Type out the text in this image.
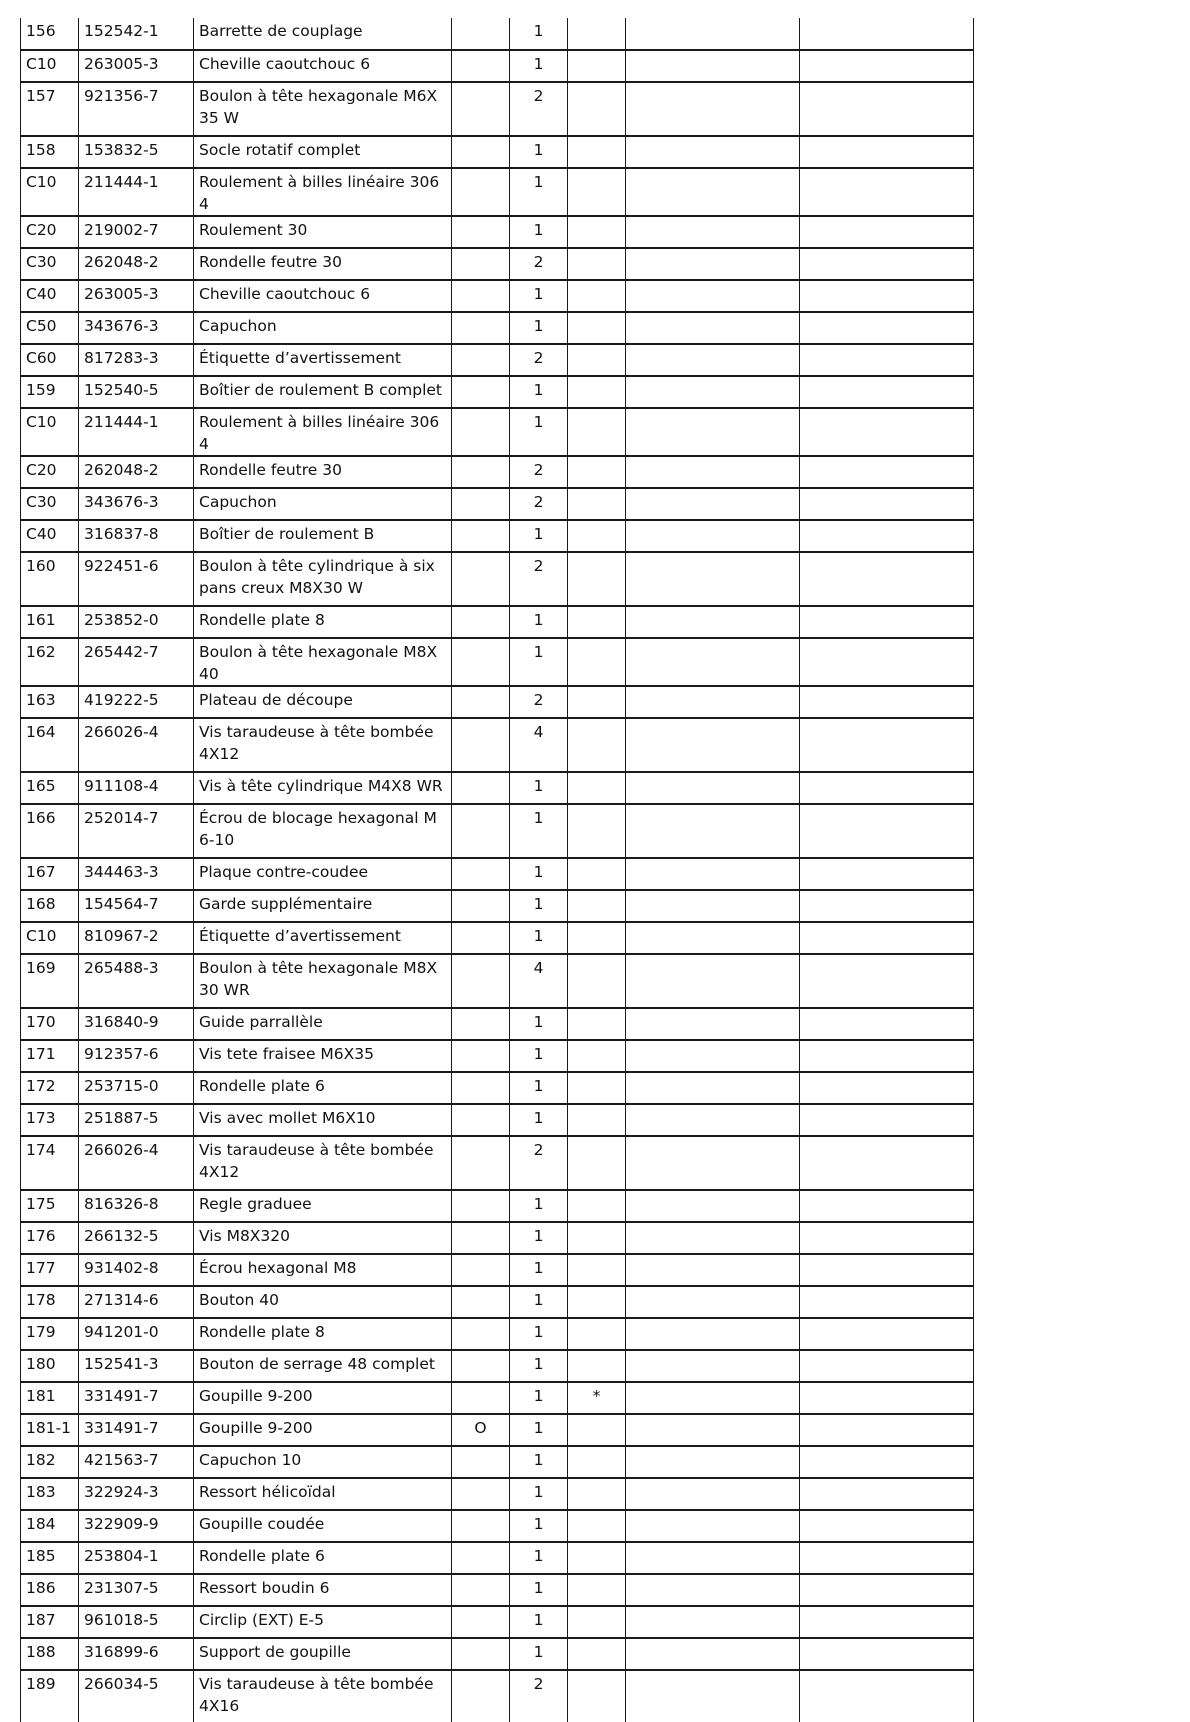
156	152542-1	Barrette de couplage		1			
C10	263005-3	Cheville caoutchouc 6		1			
157	921356-7	Boulon à tête hexagonale M6X35 W		2			
158	153832-5	Socle rotatif complet		1			
C10	211444-1	Roulement à billes linéaire 3064		1			
C20	219002-7	Roulement 30		1			
C30	262048-2	Rondelle feutre 30		2			
C40	263005-3	Cheville caoutchouc 6		1			
C50	343676-3	Capuchon		1			
C60	817283-3	Étiquette d’avertissement		2			
159	152540-5	Boîtier de roulement B complet		1			
C10	211444-1	Roulement à billes linéaire 3064		1			
C20	262048-2	Rondelle feutre 30		2			
C30	343676-3	Capuchon		2			
C40	316837-8	Boîtier de roulement B		1			
160	922451-6	Boulon à tête cylindrique à six pans creux M8X30 W		2			
161	253852-0	Rondelle plate 8		1			
162	265442-7	Boulon à tête hexagonale M8X40		1			
163	419222-5	Plateau de découpe		2			
164	266026-4	Vis taraudeuse à tête bombée 4X12		4			
165	911108-4	Vis à tête cylindrique M4X8 WR		1			
166	252014-7	Écrou de blocage hexagonal M6-10		1			
167	344463-3	Plaque contre-coudee		1			
168	154564-7	Garde supplémentaire		1			
C10	810967-2	Étiquette d’avertissement		1			
169	265488-3	Boulon à tête hexagonale M8X30 WR		4			
170	316840-9	Guide parrallèle		1			
171	912357-6	Vis tete fraisee M6X35		1			
172	253715-0	Rondelle plate 6		1			
173	251887-5	Vis avec mollet M6X10		1			
174	266026-4	Vis taraudeuse à tête bombée 4X12		2			
175	816326-8	Regle graduee		1			
176	266132-5	Vis M8X320		1			
177	931402-8	Écrou hexagonal M8		1			
178	271314-6	Bouton 40		1			
179	941201-0	Rondelle plate 8		1			
180	152541-3	Bouton de serrage 48 complet		1			
181	331491-7	Goupille 9-200		1	*		
181-1	331491-7	Goupille 9-200	O	1			
182	421563-7	Capuchon 10		1			
183	322924-3	Ressort hélicoïdal		1			
184	322909-9	Goupille coudée		1			
185	253804-1	Rondelle plate 6		1			
186	231307-5	Ressort boudin 6		1			
187	961018-5	Circlip (EXT) E-5		1			
188	316899-6	Support de goupille		1			
189	266034-5	Vis taraudeuse à tête bombée 4X16		2			
